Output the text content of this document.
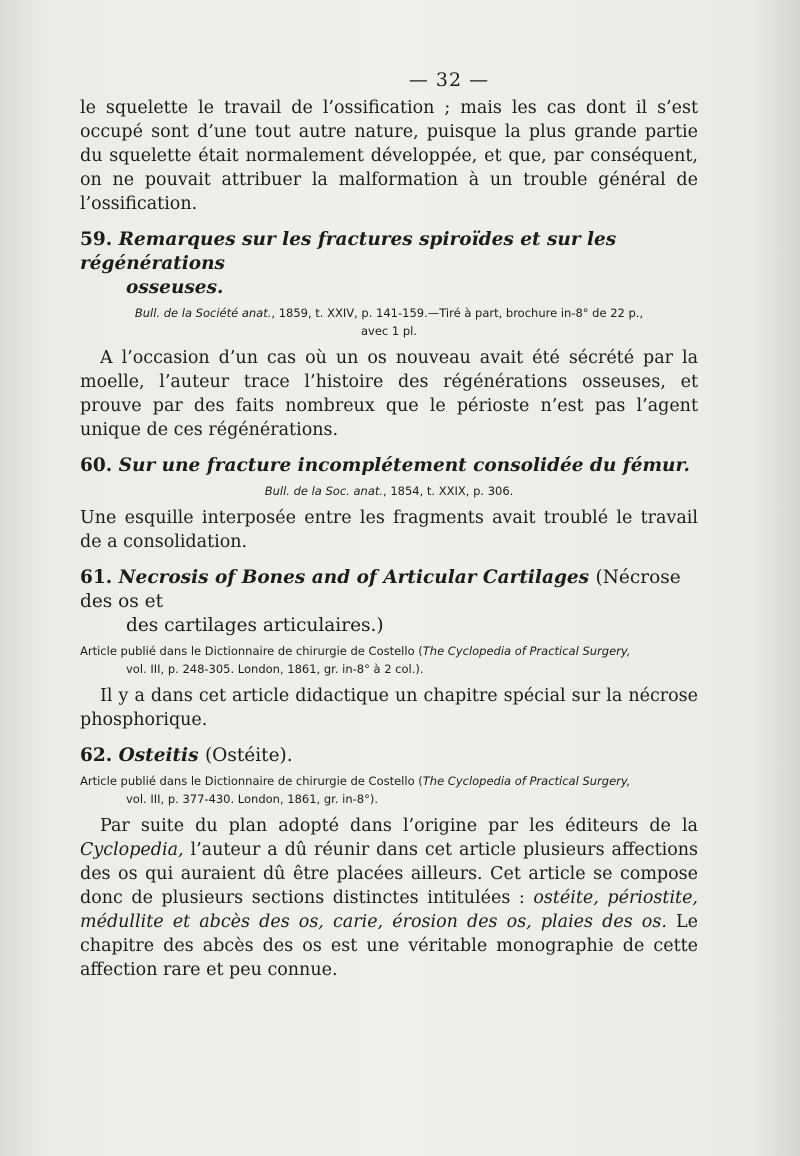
— 32 —

le squelette le travail de l’ossification ; mais les cas dont il s’est occupé sont d’une tout autre nature, puisque la plus grande partie du squelette était normalement développée, et que, par conséquent, on ne pouvait attribuer la malformation à un trouble général de l’ossification.

59. Remarques sur les fractures spiroïdes et sur les régénérations
osseuses.
Bull. de la Société anat., 1859, t. XXIV, p. 141-159.—Tiré à part, brochure in-8° de 22 p.,
avec 1 pl.

A l’occasion d’un cas où un os nouveau avait été sécrété par la moelle, l’auteur trace l’histoire des régénérations osseuses, et prouve par des faits nombreux que le périoste n’est pas l’agent unique de ces régénérations.

60. Sur une fracture incomplétement consolidée du fémur.
Bull. de la Soc. anat., 1854, t. XXIX, p. 306.

Une esquille interposée entre les fragments avait troublé le travail de a consolidation.

61. Necrosis of Bones and of Articular Cartilages (Nécrose des os et
des cartilages articulaires.)
Article publié dans le Dictionnaire de chirurgie de Costello (The Cyclopedia of Practical Surgery,
vol. III, p. 248-305. London, 1861, gr. in-8° à 2 col.).

Il y a dans cet article didactique un chapitre spécial sur la nécrose phosphorique.

62. Osteitis (Ostéite).
Article publié dans le Dictionnaire de chirurgie de Costello (The Cyclopedia of Practical Surgery,
vol. III, p. 377-430. London, 1861, gr. in-8°).

Par suite du plan adopté dans l’origine par les éditeurs de la Cyclopedia, l’auteur a dû réunir dans cet article plusieurs affections des os qui auraient dû être placées ailleurs. Cet article se compose donc de plusieurs sections distinctes intitulées : ostéite, périostite, médullite et abcès des os, carie, érosion des os, plaies des os. Le chapitre des abcès des os est une véritable monographie de cette affection rare et peu connue.
